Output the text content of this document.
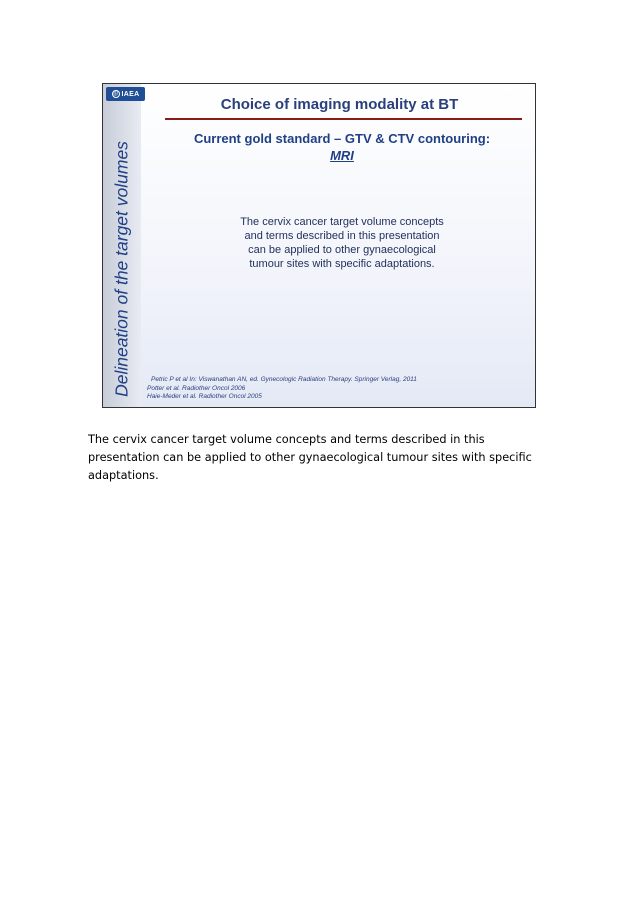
Delineation of the target volumes
Ⓢ IAEA
Choice of imaging modality at BT
Current gold standard – GTV & CTV contouring:
MRI
The cervix cancer target volume concepts
and terms described in this presentation
can be applied to other gynaecological
tumour sites with specific adaptations.
Petric P et al In: Viswanathan AN, ed. Gynecologic Radiation Therapy. Springer Verlag, 2011
Potter et al. Radiother Oncol 2006
Haie-Meder et al. Radiother Oncol 2005
The cervix cancer target volume concepts and terms described in this presentation can be applied to other gynaecological tumour sites with specific adaptations.
